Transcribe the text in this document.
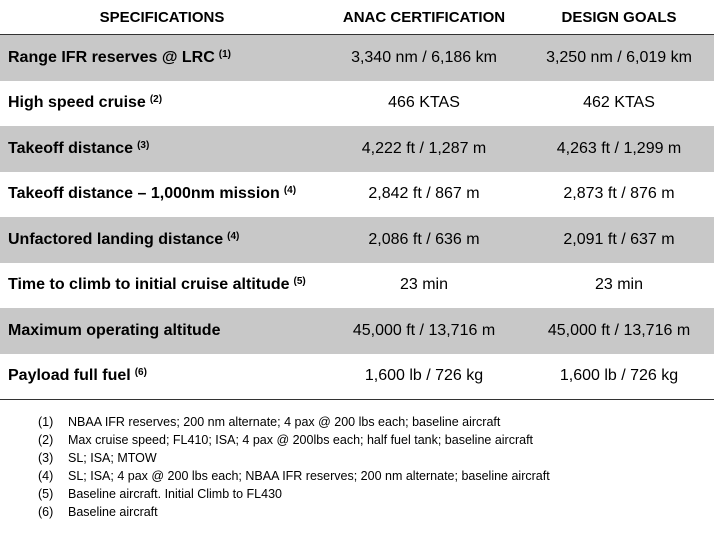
SPECIFICATIONS	ANAC CERTIFICATION	DESIGN GOALS
Range IFR reserves @ LRC $^{(1)}$	3,340 nm / 6,186 km	3,250 nm / 6,019 km
High speed cruise $^{(2)}$	466 KTAS	462 KTAS
Takeoff distance $^{(3)}$	4,222 ft / 1,287 m	4,263 ft / 1,299 m
Takeoff distance – 1,000nm mission $^{(4)}$	2,842 ft / 867 m	2,873 ft / 876 m
Unfactored landing distance $^{(4)}$	2,086 ft / 636 m	2,091 ft / 637 m
Time to climb to initial cruise altitude $^{(5)}$	23 min	23 min
Maximum operating altitude	45,000 ft / 13,716 m	45,000 ft / 13,716 m
Payload full fuel $^{(6)}$	1,600 lb / 726 kg	1,600 lb / 726 kg
(1) NBAA IFR reserves; 200 nm alternate; 4 pax @ 200 lbs each; baseline aircraft
(2) Max cruise speed; FL410; ISA; 4 pax @ 200lbs each; half fuel tank; baseline aircraft
(3) SL; ISA; MTOW
(4) SL; ISA; 4 pax @ 200 lbs each; NBAA IFR reserves; 200 nm alternate; baseline aircraft
(5) Baseline aircraft. Initial Climb to FL430
(6) Baseline aircraft
